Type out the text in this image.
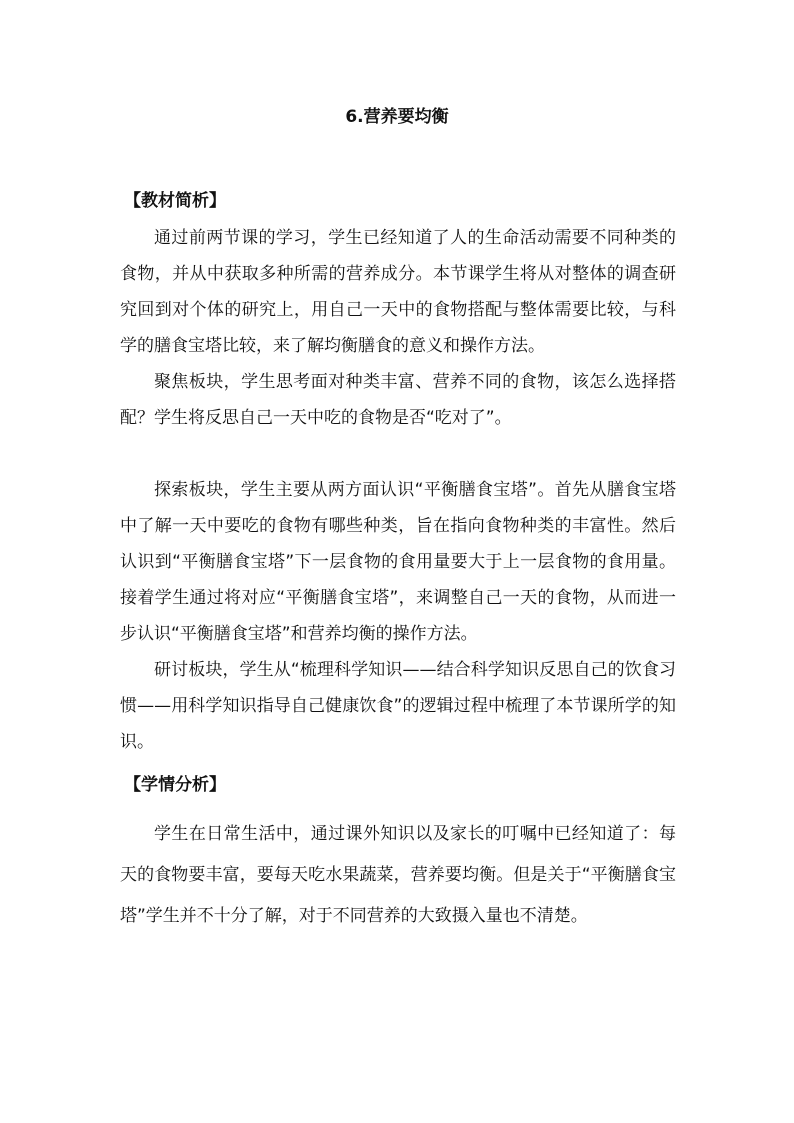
6.营养要均衡
【教材简析】

通过前两节课的学习，学生已经知道了人的生命活动需要不同种类的食物，并从中获取多种所需的营养成分。本节课学生将从对整体的调查研究回到对个体的研究上，用自己一天中的食物搭配与整体需要比较，与科学的膳食宝塔比较，来了解均衡膳食的意义和操作方法。

聚焦板块，学生思考面对种类丰富、营养不同的食物，该怎么选择搭配？学生将反思自己一天中吃的食物是否“吃对了”。

探索板块，学生主要从两方面认识“平衡膳食宝塔”。首先从膳食宝塔中了解一天中要吃的食物有哪些种类，旨在指向食物种类的丰富性。然后认识到“平衡膳食宝塔”下一层食物的食用量要大于上一层食物的食用量。接着学生通过将对应“平衡膳食宝塔”，来调整自己一天的食物，从而进一步认识“平衡膳食宝塔”和营养均衡的操作方法。

研讨板块，学生从“梳理科学知识——结合科学知识反思自己的饮食习惯——用科学知识指导自己健康饮食”的逻辑过程中梳理了本节课所学的知识。

【学情分析】

学生在日常生活中，通过课外知识以及家长的叮嘱中已经知道了：每天的食物要丰富，要每天吃水果蔬菜，营养要均衡。但是关于“平衡膳食宝塔”学生并不十分了解，对于不同营养的大致摄入量也不清楚。
